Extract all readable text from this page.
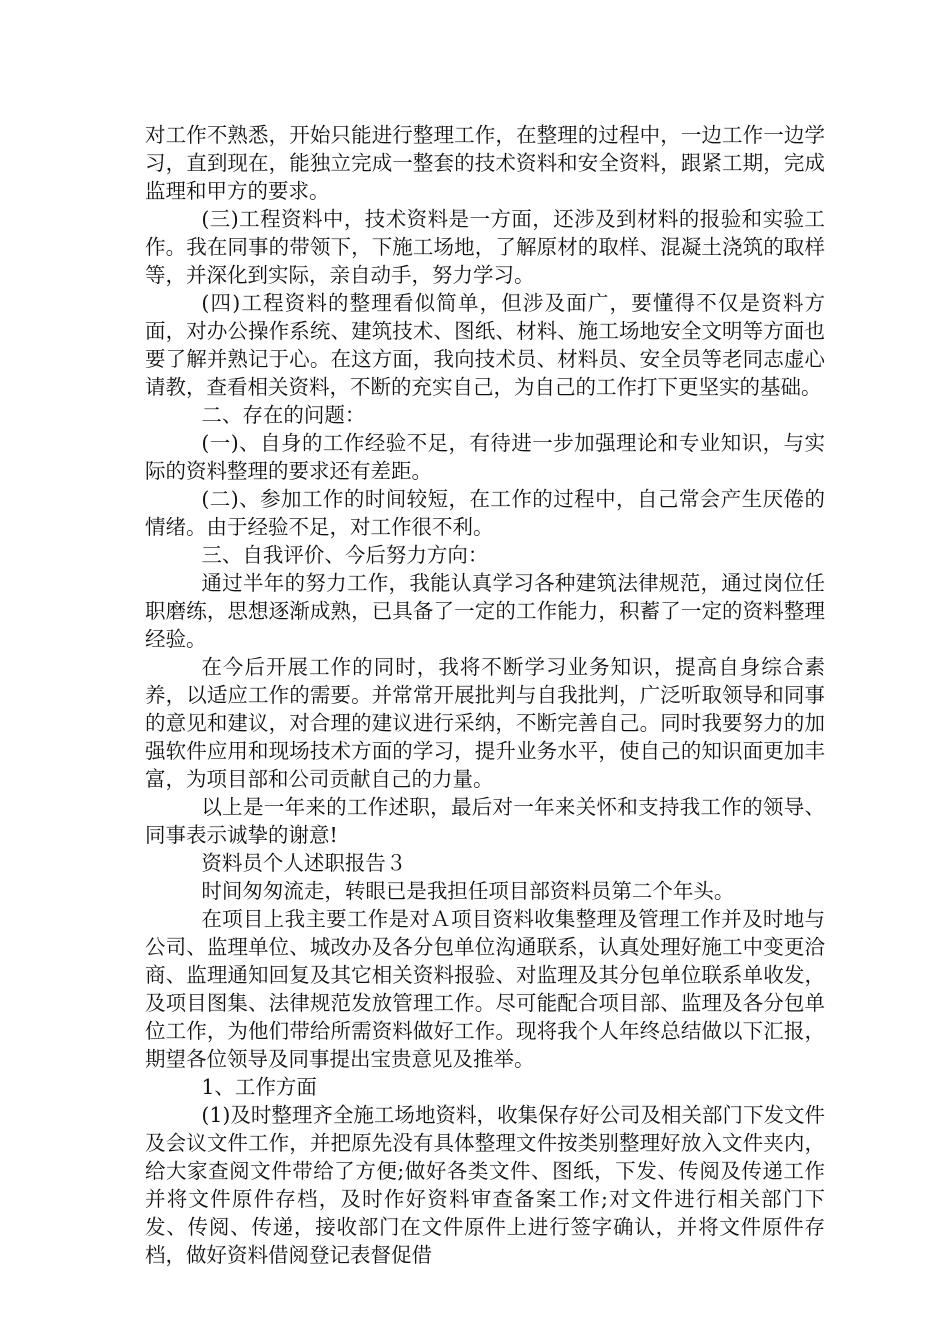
对工作不熟悉，开始只能进行整理工作，在整理的过程中，一边工作一边学习，直到现在，能独立完成一整套的技术资料和安全资料，跟紧工期，完成监理和甲方的要求。

(三)工程资料中，技术资料是一方面，还涉及到材料的报验和实验工作。我在同事的带领下，下施工场地，了解原材的取样、混凝土浇筑的取样等，并深化到实际，亲自动手，努力学习。

(四)工程资料的整理看似简单，但涉及面广，要懂得不仅是资料方面，对办公操作系统、建筑技术、图纸、材料、施工场地安全文明等方面也要了解并熟记于心。在这方面，我向技术员、材料员、安全员等老同志虚心请教，查看相关资料，不断的充实自己，为自己的工作打下更坚实的基础。

二、存在的问题：

(一)、自身的工作经验不足，有待进一步加强理论和专业知识，与实际的资料整理的要求还有差距。

(二)、参加工作的时间较短，在工作的过程中，自己常会产生厌倦的情绪。由于经验不足，对工作很不利。

三、自我评价、今后努力方向：

通过半年的努力工作，我能认真学习各种建筑法律规范，通过岗位任职磨练，思想逐渐成熟，已具备了一定的工作能力，积蓄了一定的资料整理经验。

在今后开展工作的同时，我将不断学习业务知识，提高自身综合素养，以适应工作的需要。并常常开展批判与自我批判，广泛听取领导和同事的意见和建议，对合理的建议进行采纳，不断完善自己。同时我要努力的加强软件应用和现场技术方面的学习，提升业务水平，使自己的知识面更加丰富，为项目部和公司贡献自己的力量。

以上是一年来的工作述职，最后对一年来关怀和支持我工作的领导、同事表示诚挚的谢意!

资料员个人述职报告３

时间匆匆流走，转眼已是我担任项目部资料员第二个年头。

在项目上我主要工作是对Ａ项目资料收集整理及管理工作并及时地与公司、监理单位、城改办及各分包单位沟通联系，认真处理好施工中变更洽商、监理通知回复及其它相关资料报验、对监理及其分包单位联系单收发，及项目图集、法律规范发放管理工作。尽可能配合项目部、监理及各分包单位工作，为他们带给所需资料做好工作。现将我个人年终总结做以下汇报，期望各位领导及同事提出宝贵意见及推举。

1、工作方面

(1)及时整理齐全施工场地资料，收集保存好公司及相关部门下发文件及会议文件工作，并把原先没有具体整理文件按类别整理好放入文件夹内，给大家查阅文件带给了方便;做好各类文件、图纸，下发、传阅及传递工作并将文件原件存档，及时作好资料审查备案工作;对文件进行相关部门下发、传阅、传递，接收部门在文件原件上进行签字确认，并将文件原件存档，做好资料借阅登记表督促借
